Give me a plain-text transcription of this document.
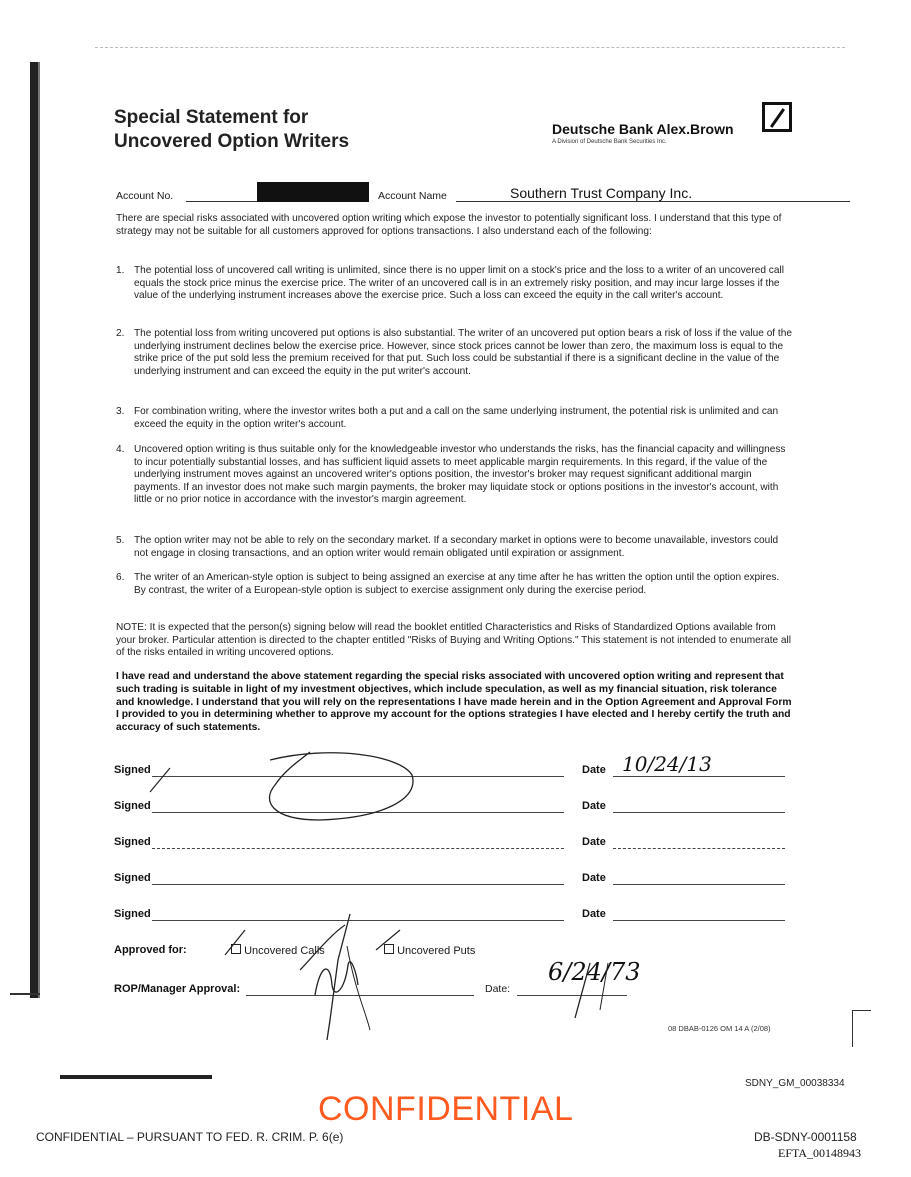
Special Statement for
Uncovered Option Writers
Deutsche Bank Alex.Brown
A Division of Deutsche Bank Securities Inc.
Account No.	Account Name	Southern Trust Company Inc.
There are special risks associated with uncovered option writing which expose the investor to potentially significant loss. I understand that this type of strategy may not be suitable for all customers approved for options transactions. I also understand each of the following:
1. The potential loss of uncovered call writing is unlimited, since there is no upper limit on a stock's price and the loss to a writer of an uncovered call equals the stock price minus the exercise price. The writer of an uncovered call is in an extremely risky position, and may incur large losses if the value of the underlying instrument increases above the exercise price. Such a loss can exceed the equity in the call writer's account.
2. The potential loss from writing uncovered put options is also substantial. The writer of an uncovered put option bears a risk of loss if the value of the underlying instrument declines below the exercise price. However, since stock prices cannot be lower than zero, the maximum loss is equal to the strike price of the put sold less the premium received for that put. Such loss could be substantial if there is a significant decline in the value of the underlying instrument and can exceed the equity in the put writer's account.
3. For combination writing, where the investor writes both a put and a call on the same underlying instrument, the potential risk is unlimited and can exceed the equity in the option writer's account.
4. Uncovered option writing is thus suitable only for the knowledgeable investor who understands the risks, has the financial capacity and willingness to incur potentially substantial losses, and has sufficient liquid assets to meet applicable margin requirements. In this regard, if the value of the underlying instrument moves against an uncovered writer's options position, the investor's broker may request significant additional margin payments. If an investor does not make such margin payments, the broker may liquidate stock or options positions in the investor's account, with little or no prior notice in accordance with the investor's margin agreement.
5. The option writer may not be able to rely on the secondary market. If a secondary market in options were to become unavailable, investors could not engage in closing transactions, and an option writer would remain obligated until expiration or assignment.
6. The writer of an American-style option is subject to being assigned an exercise at any time after he has written the option until the option expires. By contrast, the writer of a European-style option is subject to exercise assignment only during the exercise period.
NOTE: It is expected that the person(s) signing below will read the booklet entitled Characteristics and Risks of Standardized Options available from your broker. Particular attention is directed to the chapter entitled "Risks of Buying and Writing Options." This statement is not intended to enumerate all of the risks entailed in writing uncovered options.
I have read and understand the above statement regarding the special risks associated with uncovered option writing and represent that such trading is suitable in light of my investment objectives, which include speculation, as well as my financial situation, risk tolerance and knowledge. I understand that you will rely on the representations I have made herein and in the Option Agreement and Approval Form I provided to you in determining whether to approve my account for the options strategies I have elected and I hereby certify the truth and accuracy of such statements.
Signed	Date 10/24/13
Signed	Date
Signed	Date
Signed	Date
Signed	Date
Approved for:	Uncovered Calls	Uncovered Puts
ROP/Manager Approval:	Date:
6/24/73
08 DBAB-0126 OM 14 A (2/08)
SDNY_GM_00038334
CONFIDENTIAL
CONFIDENTIAL – PURSUANT TO FED. R. CRIM. P. 6(e)	DB-SDNY-0001158
EFTA_00148943
